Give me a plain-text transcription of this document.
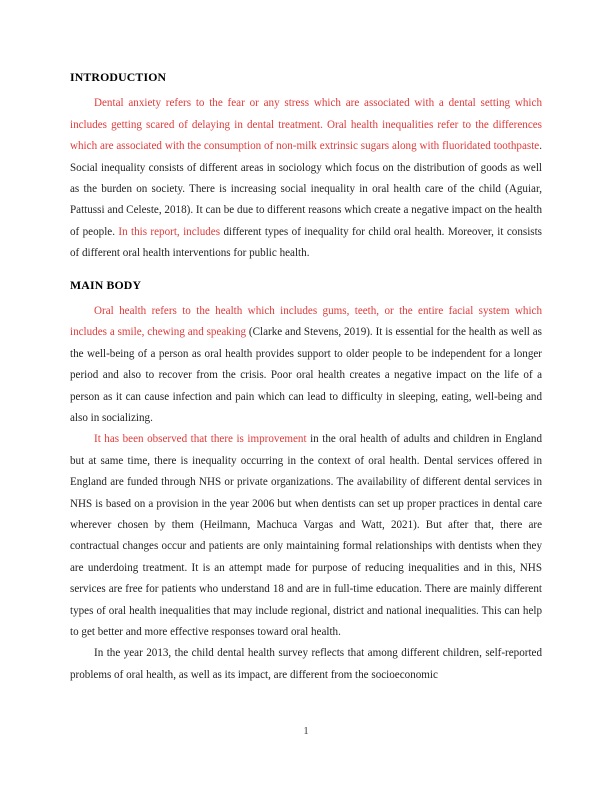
INTRODUCTION

Dental anxiety refers to the fear or any stress which are associated with a dental setting which includes getting scared of delaying in dental treatment. Oral health inequalities refer to the differences which are associated with the consumption of non-milk extrinsic sugars along with fluoridated toothpaste. Social inequality consists of different areas in sociology which focus on the distribution of goods as well as the burden on society. There is increasing social inequality in oral health care of the child (Aguiar, Pattussi and Celeste, 2018). It can be due to different reasons which create a negative impact on the health of people. In this report, includes different types of inequality for child oral health. Moreover, it consists of different oral health interventions for public health.

MAIN BODY

Oral health refers to the health which includes gums, teeth, or the entire facial system which includes a smile, chewing and speaking (Clarke and Stevens, 2019). It is essential for the health as well as the well-being of a person as oral health provides support to older people to be independent for a longer period and also to recover from the crisis. Poor oral health creates a negative impact on the life of a person as it can cause infection and pain which can lead to difficulty in sleeping, eating, well-being and also in socializing.

It has been observed that there is improvement in the oral health of adults and children in England but at same time, there is inequality occurring in the context of oral health. Dental services offered in England are funded through NHS or private organizations. The availability of different dental services in NHS is based on a provision in the year 2006 but when dentists can set up proper practices in dental care wherever chosen by them (Heilmann, Machuca Vargas and Watt, 2021). But after that, there are contractual changes occur and patients are only maintaining formal relationships with dentists when they are underdoing treatment. It is an attempt made for purpose of reducing inequalities and in this, NHS services are free for patients who understand 18 and are in full-time education. There are mainly different types of oral health inequalities that may include regional, district and national inequalities. This can help to get better and more effective responses toward oral health.

In the year 2013, the child dental health survey reflects that among different children, self-reported problems of oral health, as well as its impact, are different from the socioeconomic

1
